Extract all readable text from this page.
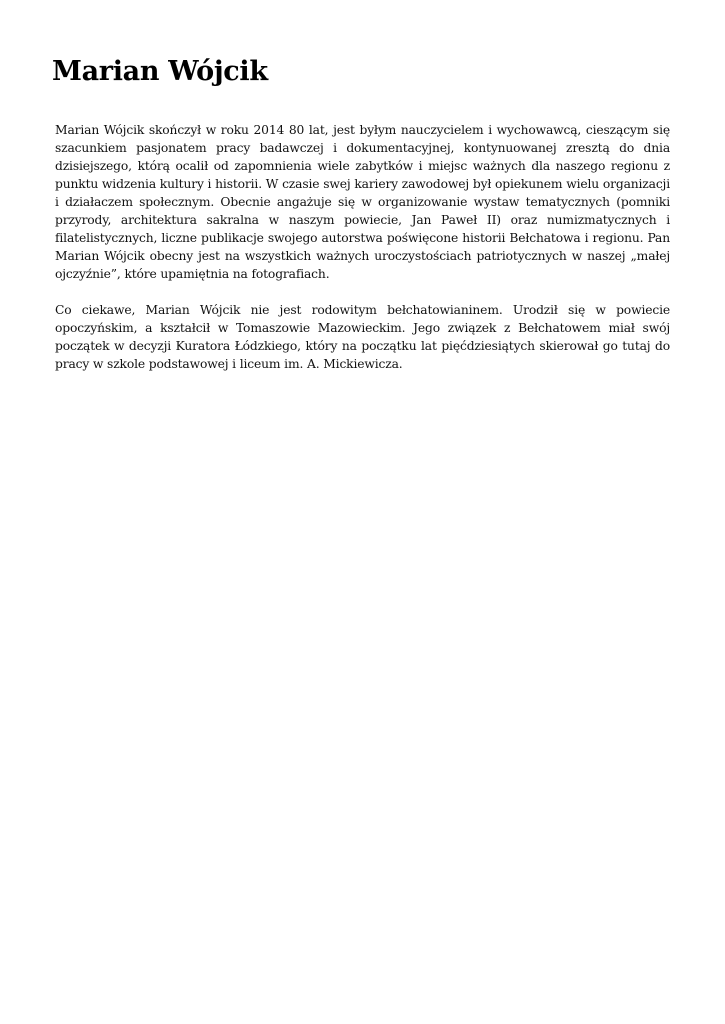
Marian Wójcik

Marian Wójcik skończył w roku 2014 80 lat, jest byłym nauczycielem i wychowawcą, cieszącym się szacunkiem pasjonatem pracy badawczej i dokumentacyjnej, kontynuowanej zresztą do dnia dzisiejszego, którą ocalił od zapomnienia wiele zabytków i miejsc ważnych dla naszego regionu z punktu widzenia kultury i historii. W czasie swej kariery zawodowej był opiekunem wielu organizacji i działaczem społecznym. Obecnie angażuje się w organizowanie wystaw tematycznych (pomniki przyrody, architektura sakralna w naszym powiecie, Jan Paweł II) oraz numizmatycznych i filatelistycznych, liczne publikacje swojego autorstwa poświęcone historii Bełchatowa i regionu. Pan Marian Wójcik obecny jest na wszystkich ważnych uroczystościach patriotycznych w naszej „małej ojczyźnie”, które upamiętnia na fotografiach.

Co ciekawe, Marian Wójcik nie jest rodowitym bełchatowianinem. Urodził się w powiecie opoczyńskim, a kształcił w Tomaszowie Mazowieckim. Jego związek z Bełchatowem miał swój początek w decyzji Kuratora Łódzkiego, który na początku lat pięćdziesiątych skierował go tutaj do pracy w szkole podstawowej i liceum im. A. Mickiewicza.
